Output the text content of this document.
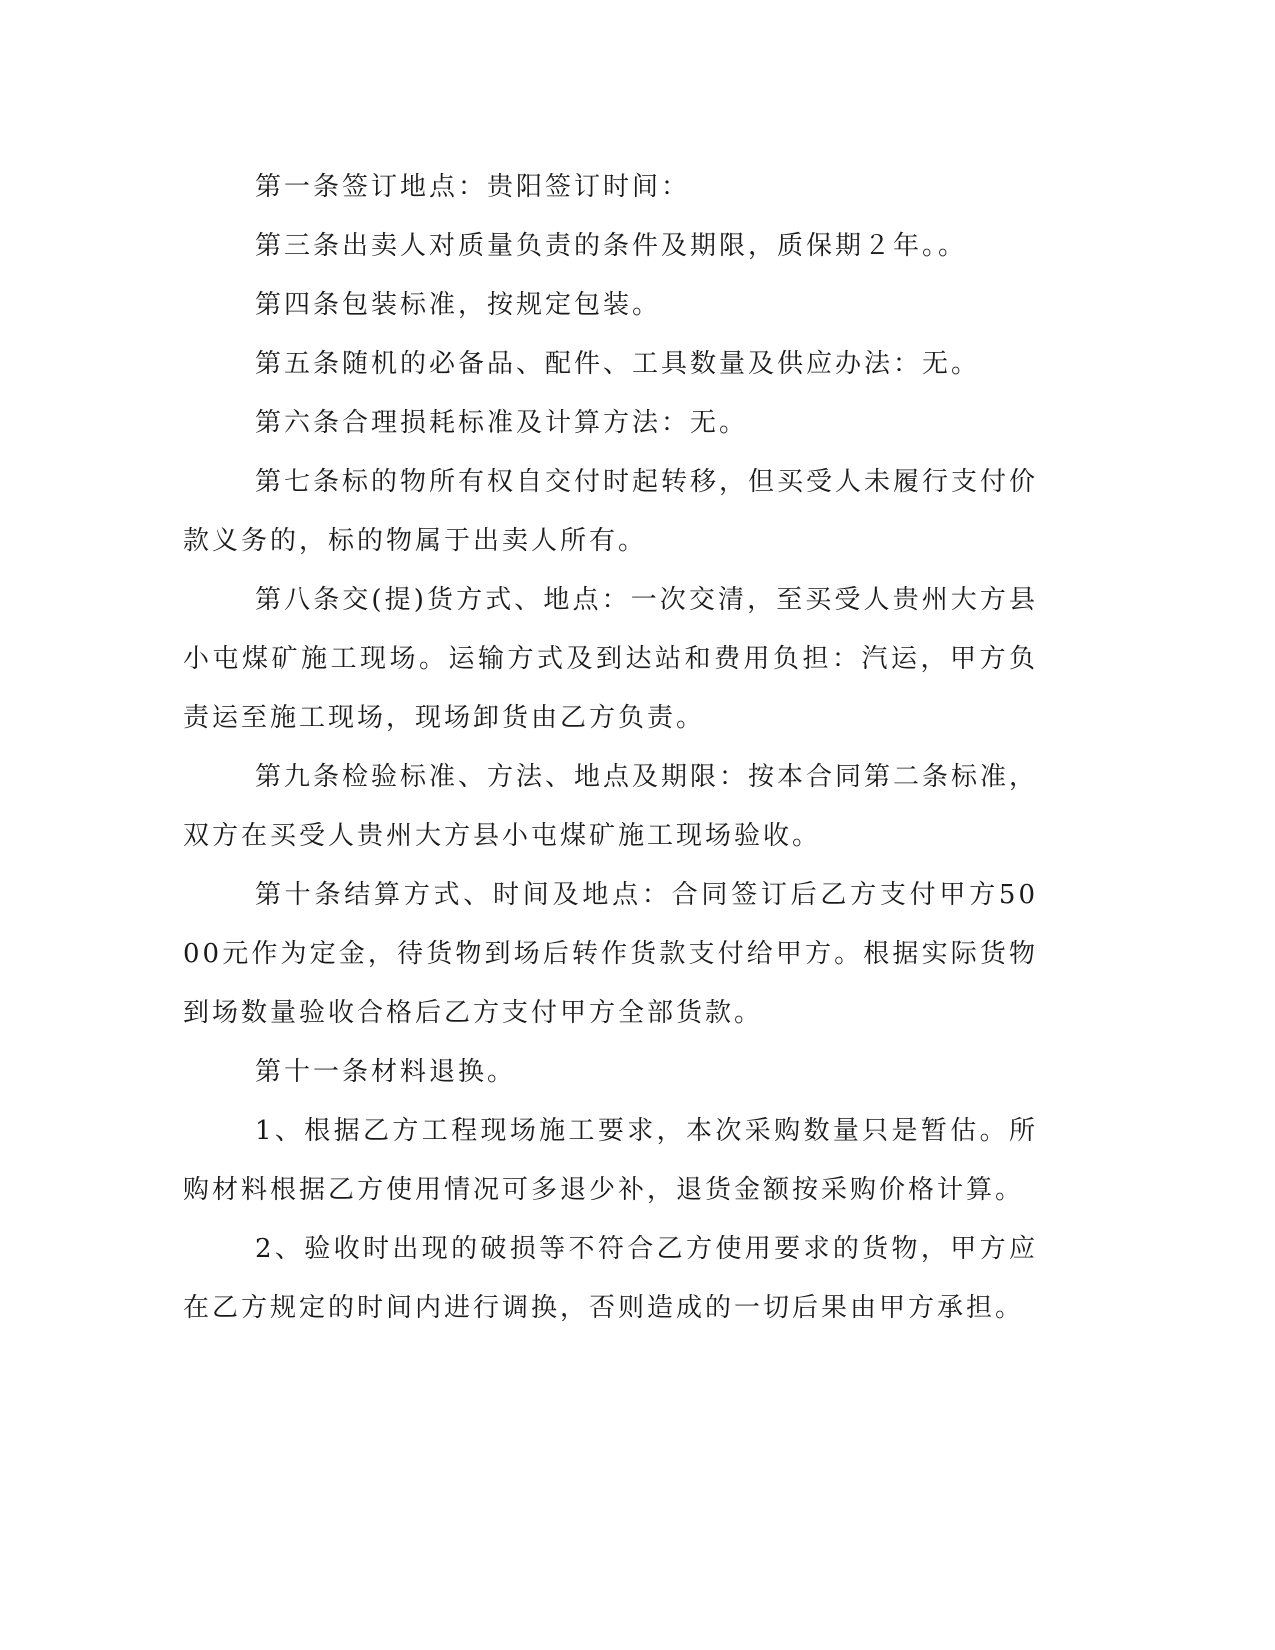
第一条签订地点：贵阳签订时间：

第三条出卖人对质量负责的条件及期限，质保期２年。。

第四条包装标准，按规定包装。

第五条随机的必备品、配件、工具数量及供应办法：无。

第六条合理损耗标准及计算方法：无。

第七条标的物所有权自交付时起转移，但买受人未履行支付价款义务的，标的物属于出卖人所有。

第八条交(提)货方式、地点：一次交清，至买受人贵州大方县小屯煤矿施工现场。运输方式及到达站和费用负担：汽运，甲方负责运至施工现场，现场卸货由乙方负责。

第九条检验标准、方法、地点及期限：按本合同第二条标准，双方在买受人贵州大方县小屯煤矿施工现场验收。

第十条结算方式、时间及地点：合同签订后乙方支付甲方5000元作为定金，待货物到场后转作货款支付给甲方。根据实际货物到场数量验收合格后乙方支付甲方全部货款。

第十一条材料退换。

1、根据乙方工程现场施工要求，本次采购数量只是暂估。所购材料根据乙方使用情况可多退少补，退货金额按采购价格计算。

2、验收时出现的破损等不符合乙方使用要求的货物，甲方应在乙方规定的时间内进行调换，否则造成的一切后果由甲方承担。
